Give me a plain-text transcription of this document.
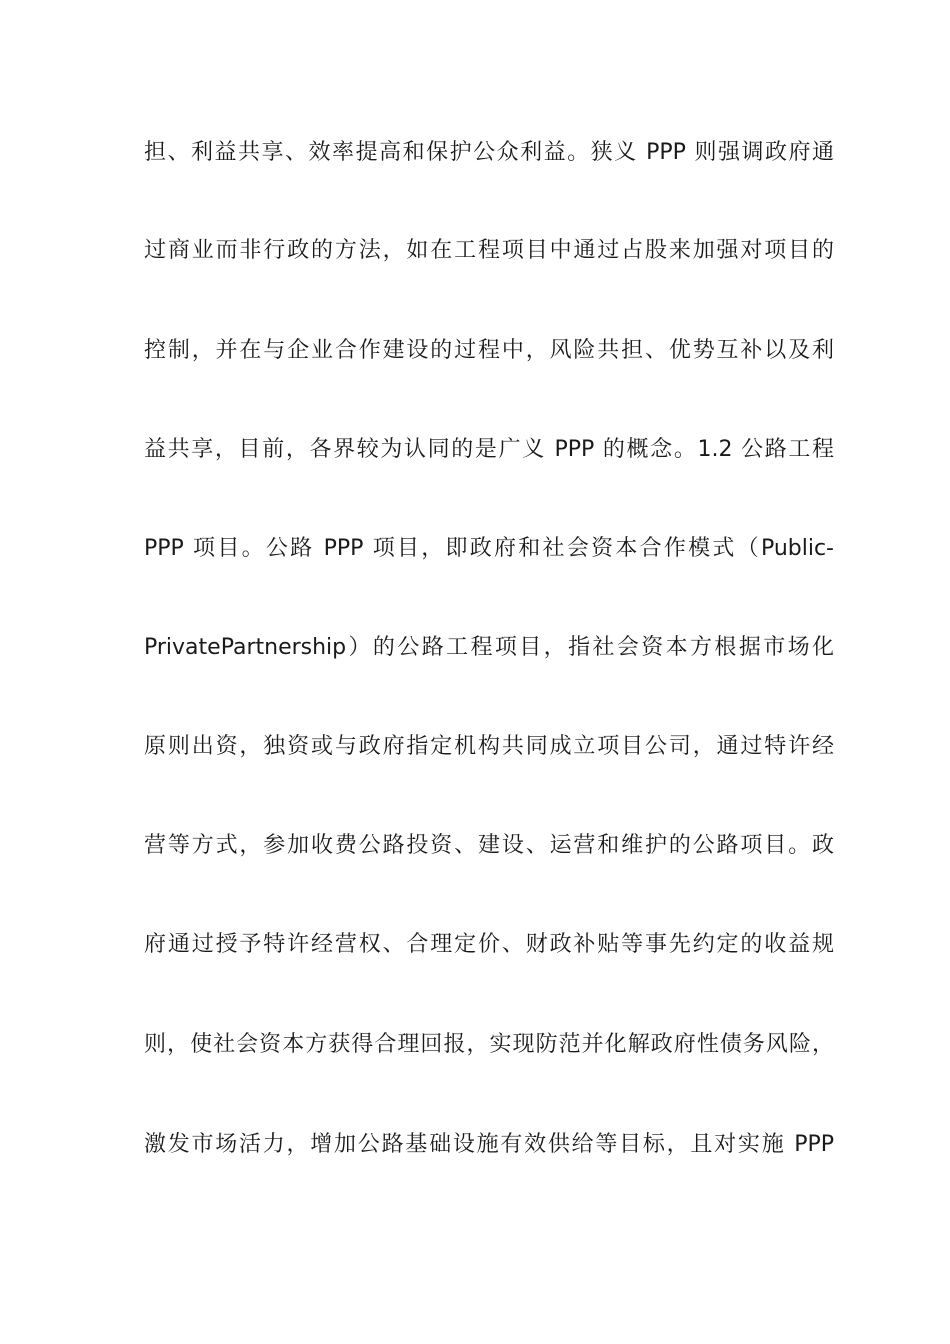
担、利益共享、效率提高和保护公众利益。狭义 PPP 则强调政府通
过商业而非行政的方法，如在工程项目中通过占股来加强对项目的
控制，并在与企业合作建设的过程中，风险共担、优势互补以及利
益共享，目前，各界较为认同的是广义 PPP 的概念。1.2 公路工程
PPP 项目。公路 PPP 项目，即政府和社会资本合作模式（Public-
PrivatePartnership）的公路工程项目，指社会资本方根据市场化
原则出资，独资或与政府指定机构共同成立项目公司，通过特许经
营等方式，参加收费公路投资、建设、运营和维护的公路项目。政
府通过授予特许经营权、合理定价、财政补贴等事先约定的收益规
则，使社会资本方获得合理回报，实现防范并化解政府性债务风险，
激发市场活力，增加公路基础设施有效供给等目标，且对实施 PPP
